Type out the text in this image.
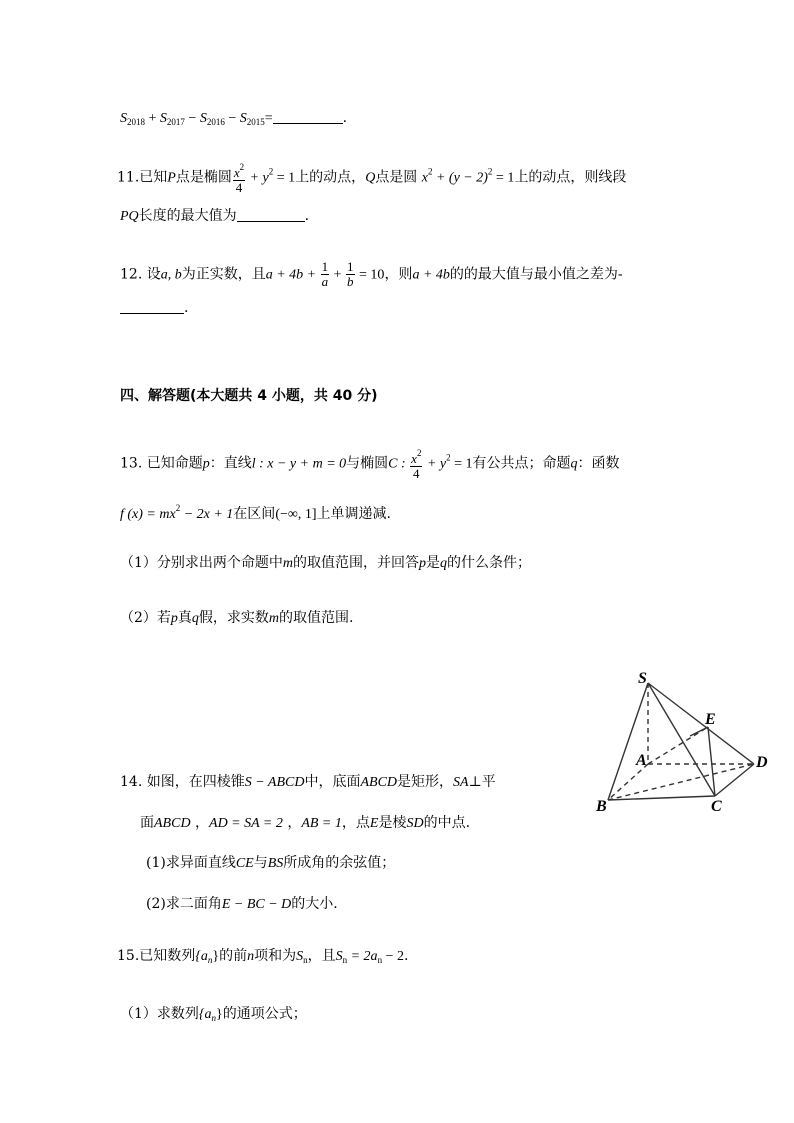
$S_{2018} + S_{2017} - S_{2016} - S_{2015}=$	.
11.已知P点是椭圆 $\frac{x^2}{4} + y^2 = 1$上的动点，Q点是圆 $x^2 + (y - 2)^2 = 1$上的动点，则线段
PQ长度的最大值为	.
12. 设a, b为正实数，且$a + 4b + \frac{1}{a} + \frac{1}{b} = 10$，则a + 4b的的最大值与最小值之差为-
.
四、解答题(本大题共 4 小题，共 40 分)
13. 已知命题p：直线l : x − y + m = 0与椭圆C : $\frac{x^2}{4} + y^2 = 1$有公共点；命题q：函数
f $(x) = mx^2 - 2x + 1$在区间(−∞, 1]上单调递减.
（1）分别求出两个命题中m的取值范围，并回答p是q的什么条件；
（2）若p真q假，求实数m的取值范围.
14. 如图，在四棱锥S − ABCD中，底面ABCD是矩形，SA⊥平
面ABCD ，AD = SA = 2 ，AB = 1，点E是棱SD的中点.
(1)求异面直线CE与BS所成角的余弦值；
(2)求二面角E − BC − D的大小.
S
E
A	D
B	C
15.已知数列$\{a_n\}$的前n项和为$S_n$，且$S_n = 2a_n - 2$.
（1）求数列$\{a_n\}$的通项公式；
